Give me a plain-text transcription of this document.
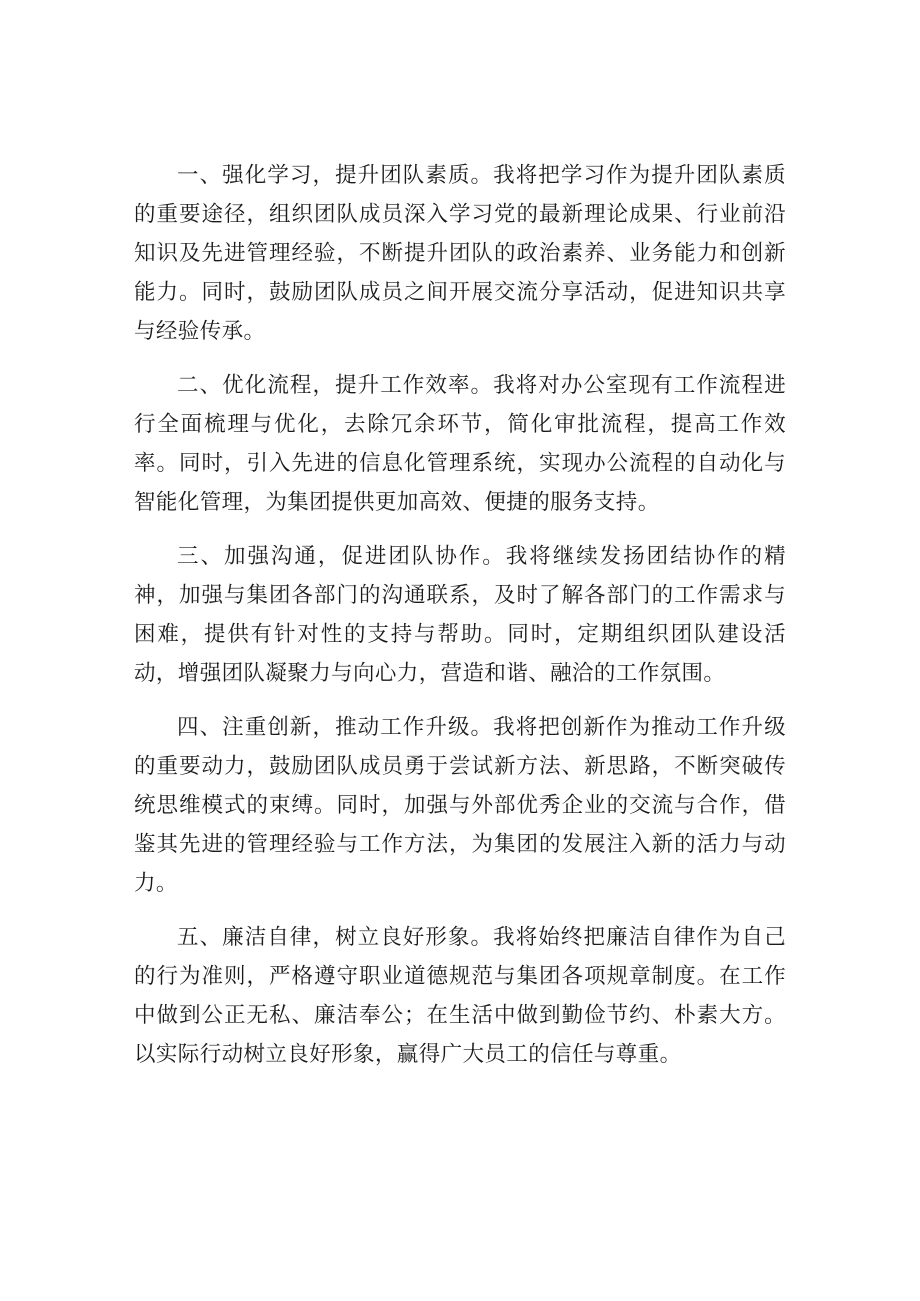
一、强化学习，提升团队素质。我将把学习作为提升团队素质的重要途径，组织团队成员深入学习党的最新理论成果、行业前沿知识及先进管理经验，不断提升团队的政治素养、业务能力和创新能力。同时，鼓励团队成员之间开展交流分享活动，促进知识共享与经验传承。

二、优化流程，提升工作效率。我将对办公室现有工作流程进行全面梳理与优化，去除冗余环节，简化审批流程，提高工作效率。同时，引入先进的信息化管理系统，实现办公流程的自动化与智能化管理，为集团提供更加高效、便捷的服务支持。

三、加强沟通，促进团队协作。我将继续发扬团结协作的精神，加强与集团各部门的沟通联系，及时了解各部门的工作需求与困难，提供有针对性的支持与帮助。同时，定期组织团队建设活动，增强团队凝聚力与向心力，营造和谐、融洽的工作氛围。

四、注重创新，推动工作升级。我将把创新作为推动工作升级的重要动力，鼓励团队成员勇于尝试新方法、新思路，不断突破传统思维模式的束缚。同时，加强与外部优秀企业的交流与合作，借鉴其先进的管理经验与工作方法，为集团的发展注入新的活力与动力。

五、廉洁自律，树立良好形象。我将始终把廉洁自律作为自己的行为准则，严格遵守职业道德规范与集团各项规章制度。在工作中做到公正无私、廉洁奉公；在生活中做到勤俭节约、朴素大方。以实际行动树立良好形象，赢得广大员工的信任与尊重。
